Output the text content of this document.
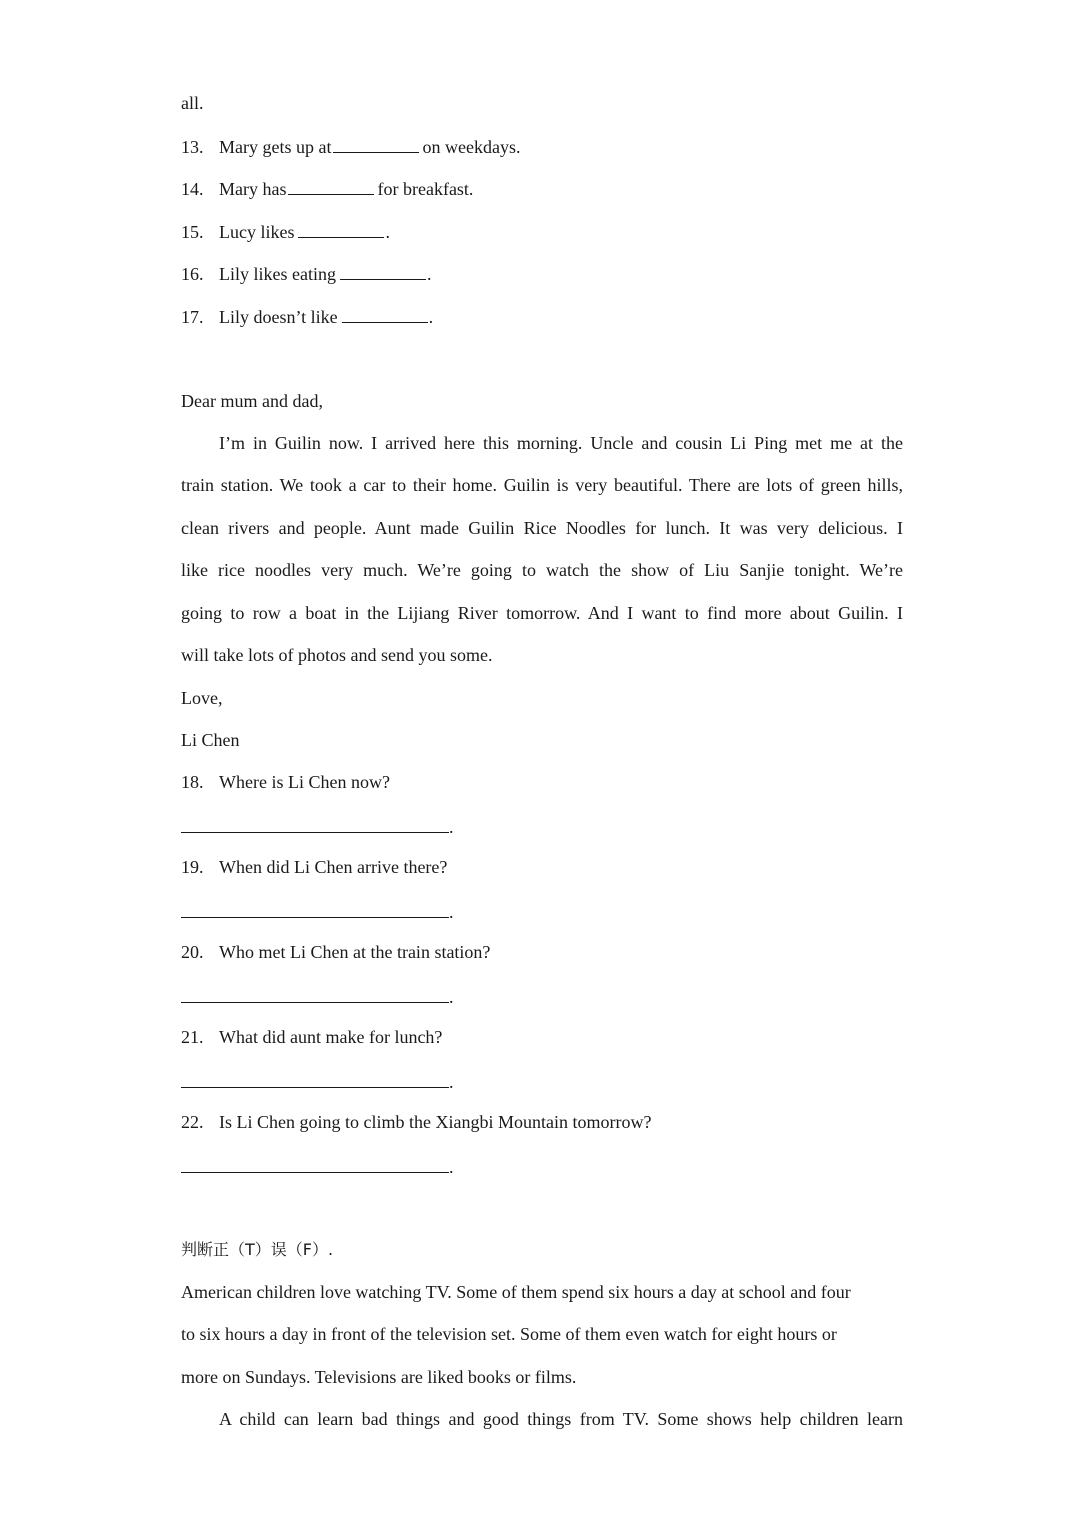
all.
13. Mary gets up at	on weekdays.
14. Mary has	for breakfast.
15. Lucy likes	.
16. Lily likes eating	.
17. Lily doesn’t like	.
Dear mum and dad,
I’m in Guilin now. I arrived here this morning. Uncle and cousin Li Ping met me at the
train station. We took a car to their home. Guilin is very beautiful. There are lots of green hills,
clean rivers and people. Aunt made Guilin Rice Noodles for lunch. It was very delicious. I
like rice noodles very much. We’re going to watch the show of Liu Sanjie tonight. We’re
going to row a boat in the Lijiang River tomorrow. And I want to find more about Guilin. I
will take lots of photos and send you some.
Love,
Li Chen
18. Where is Li Chen now?
.
19. When did Li Chen arrive there?
.
20. Who met Li Chen at the train station?
.
21. What did aunt make for lunch?
.
22. Is Li Chen going to climb the Xiangbi Mountain tomorrow?
.
判断正（T）误（F）.
American children love watching TV. Some of them spend six hours a day at school and four
to six hours a day in front of the television set. Some of them even watch for eight hours or
more on Sundays. Televisions are liked books or films.
A child can learn bad things and good things from TV. Some shows help children learn
